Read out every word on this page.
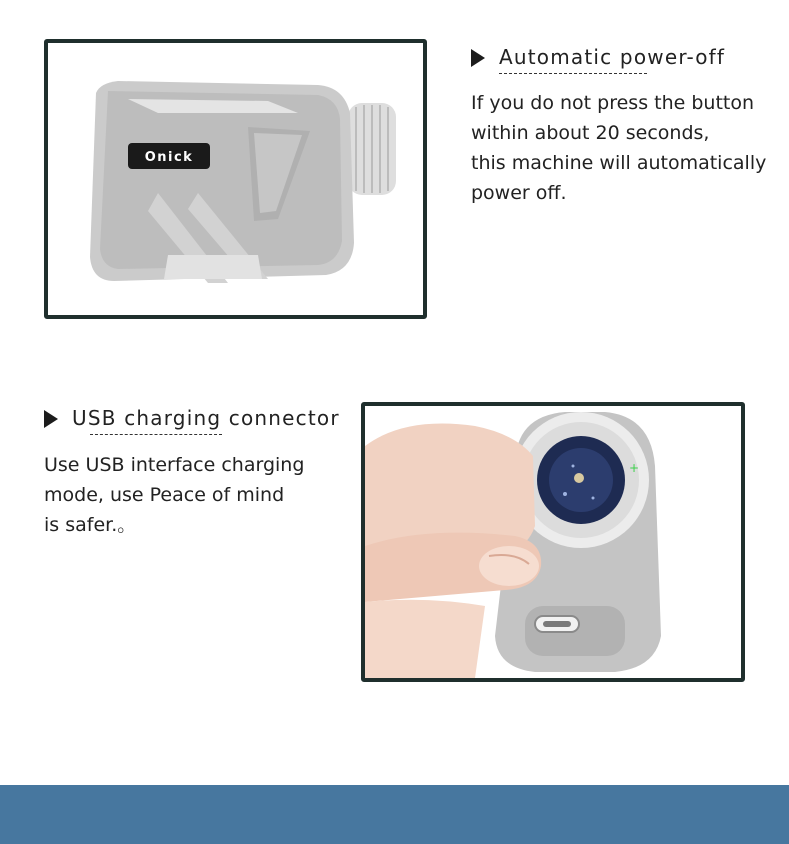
Onick
Automatic power-off

If you do not press the button
within about 20 seconds,
this machine will automatically
power off.

USB charging connector

Use USB interface charging
mode, use Peace of mind
is safer.。

+
